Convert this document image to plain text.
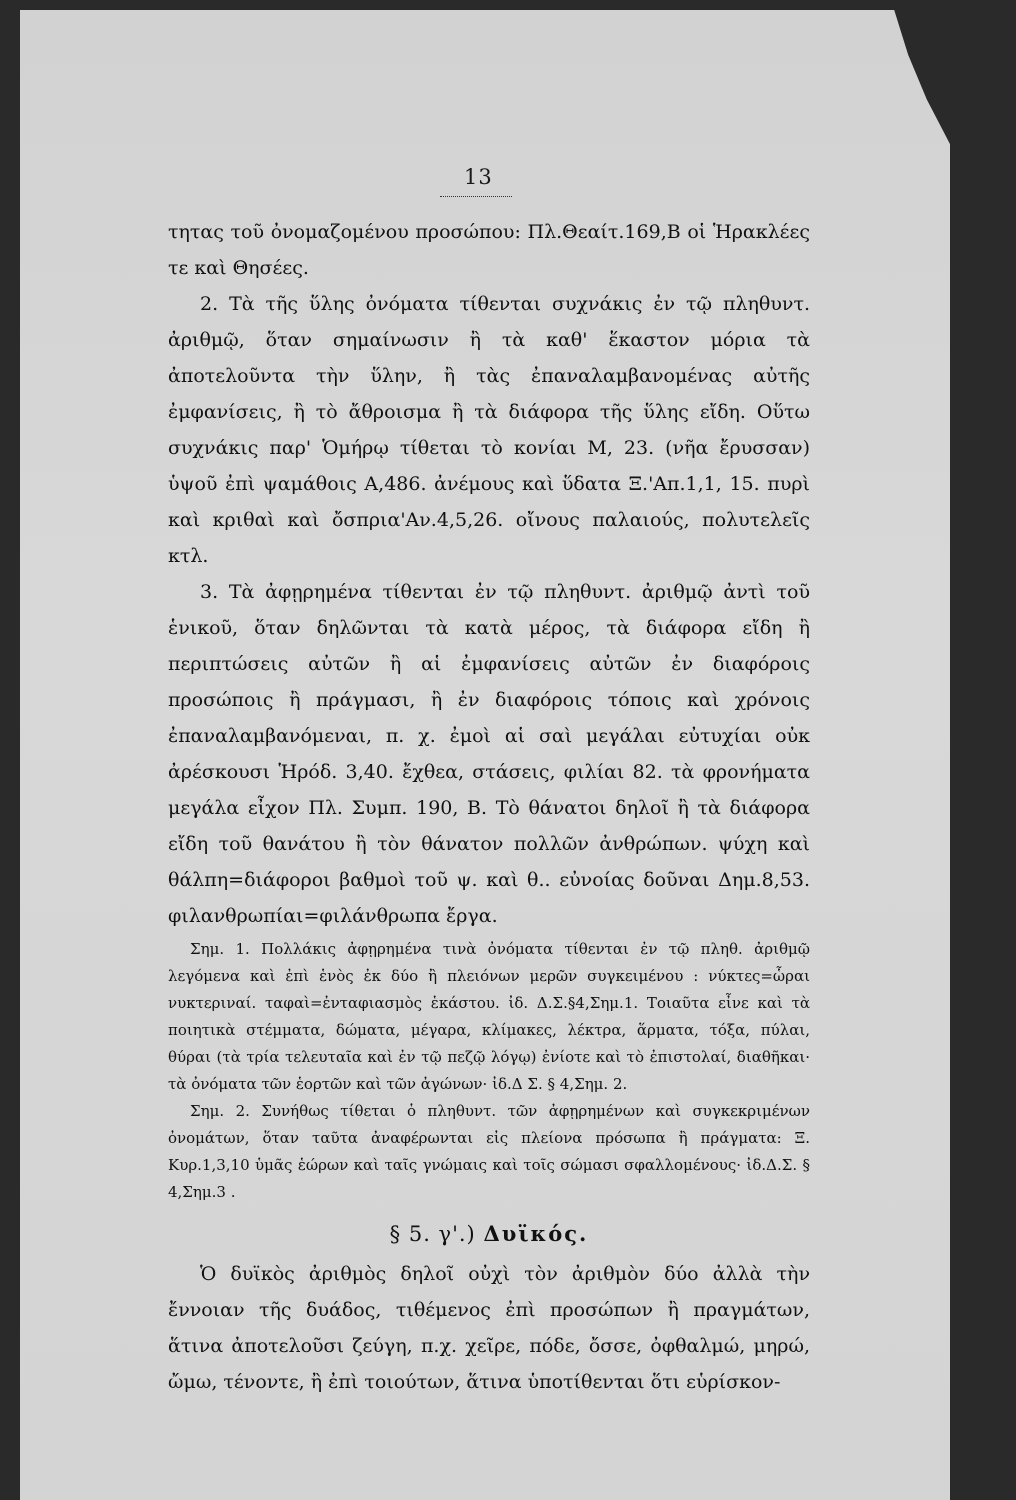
13

τητας τοῦ ὀνομαζομένου προσώπου: Πλ.Θεαίτ.169,Β οἱ Ἡρακλέες τε καὶ Θησέες.

2. Τὰ τῆς ὕλης ὀνόματα τίθενται συχνάκις ἐν τῷ πληθυντ. ἀριθμῷ, ὅταν σημαίνωσιν ἢ τὰ καθ' ἕκαστον μόρια τὰ ἀποτελοῦντα τὴν ὕλην, ἢ τὰς ἐπαναλαμβανομένας αὐτῆς ἐμφανίσεις, ἢ τὸ ἄθροισμα ἢ τὰ διάφορα τῆς ὕλης εἴδη. Οὕτω συχνάκις παρ' Ὁμήρῳ τίθεται τὸ κονίαι Μ, 23. (νῆα ἔρυσσαν) ὑψοῦ ἐπὶ ψαμάθοις Α,486. ἀνέμους καὶ ὕδατα Ξ.'Απ.1,1, 15. πυρὶ καὶ κριθαὶ καὶ ὄσπρια'Αν.4,5,26. οἴνους παλαιούς, πολυτελεῖς κτλ.

3. Τὰ ἀφῃρημένα τίθενται ἐν τῷ πληθυντ. ἀριθμῷ ἀντὶ τοῦ ἑνικοῦ, ὅταν δηλῶνται τὰ κατὰ μέρος, τὰ διάφορα εἴδη ἢ περιπτώσεις αὐτῶν ἢ αἱ ἐμφανίσεις αὐτῶν ἐν διαφόροις προσώποις ἢ πράγμασι, ἢ ἐν διαφόροις τόποις καὶ χρόνοις ἐπαναλαμβανόμεναι, π. χ. ἐμοὶ αἱ σαὶ μεγάλαι εὐτυχίαι οὐκ ἀρέσκουσι Ἡρόδ. 3,40. ἔχθεα, στάσεις, φιλίαι 82. τὰ φρονήματα μεγάλα εἶχον Πλ. Συμπ. 190, Β. Τὸ θάνατοι δηλοῖ ἢ τὰ διάφορα εἴδη τοῦ θανάτου ἢ τὸν θάνατον πολλῶν ἀνθρώπων. ψύχη καὶ θάλπη=διάφοροι βαθμοὶ τοῦ ψ. καὶ θ.. εὐνοίας δοῦναι Δημ.8,53. φιλανθρωπίαι=φιλάνθρωπα ἔργα.

Σημ. 1. Πολλάκις ἀφῃρημένα τινὰ ὀνόματα τίθενται ἐν τῷ πληθ. ἀριθμῷ λεγόμενα καὶ ἐπὶ ἑνὸς ἐκ δύο ἢ πλειόνων μερῶν συγκειμένου : νύκτες=ὧραι νυκτεριναί. ταφαὶ=ἐνταφιασμὸς ἑκάστου. ἰδ. Δ.Σ.§4,Σημ.1. Τοιαῦτα εἶνε καὶ τὰ ποιητικὰ στέμματα, δώματα, μέγαρα, κλίμακες, λέκτρα, ἅρματα, τόξα, πύλαι, θύραι (τὰ τρία τελευταῖα καὶ ἐν τῷ πεζῷ λόγῳ) ἐνίοτε καὶ τὸ ἐπιστολαί, διαθῆκαι· τὰ ὀνόματα τῶν ἑορτῶν καὶ τῶν ἀγώνων· ἰδ.Δ Σ. § 4,Σημ. 2.

Σημ. 2. Συνήθως τίθεται ὁ πληθυντ. τῶν ἀφῃρημένων καὶ συγκεκριμένων ὀνομάτων, ὅταν ταῦτα ἀναφέρωνται εἰς πλείονα πρόσωπα ἢ πράγματα: Ξ. Κυρ.1,3,10 ὑμᾶς ἑώρων καὶ ταῖς γνώμαις καὶ τοῖς σώμασι σφαλλομένους· ἰδ.Δ.Σ. § 4,Σημ.3 .

§ 5. γ'.) Δυϊκός.

Ὁ δυϊκὸς ἀριθμὸς δηλοῖ οὐχὶ τὸν ἀριθμὸν δύο ἀλλὰ τὴν ἔννοιαν τῆς δυάδος, τιθέμενος ἐπὶ προσώπων ἢ πραγμάτων, ἅτινα ἀποτελοῦσι ζεύγη, π.χ. χεῖρε, πόδε, ὄσσε, ὀφθαλμώ, μηρώ, ὤμω, τένοντε, ἢ ἐπὶ τοιούτων, ἅτινα ὑποτίθενται ὅτι εὑρίσκον-
